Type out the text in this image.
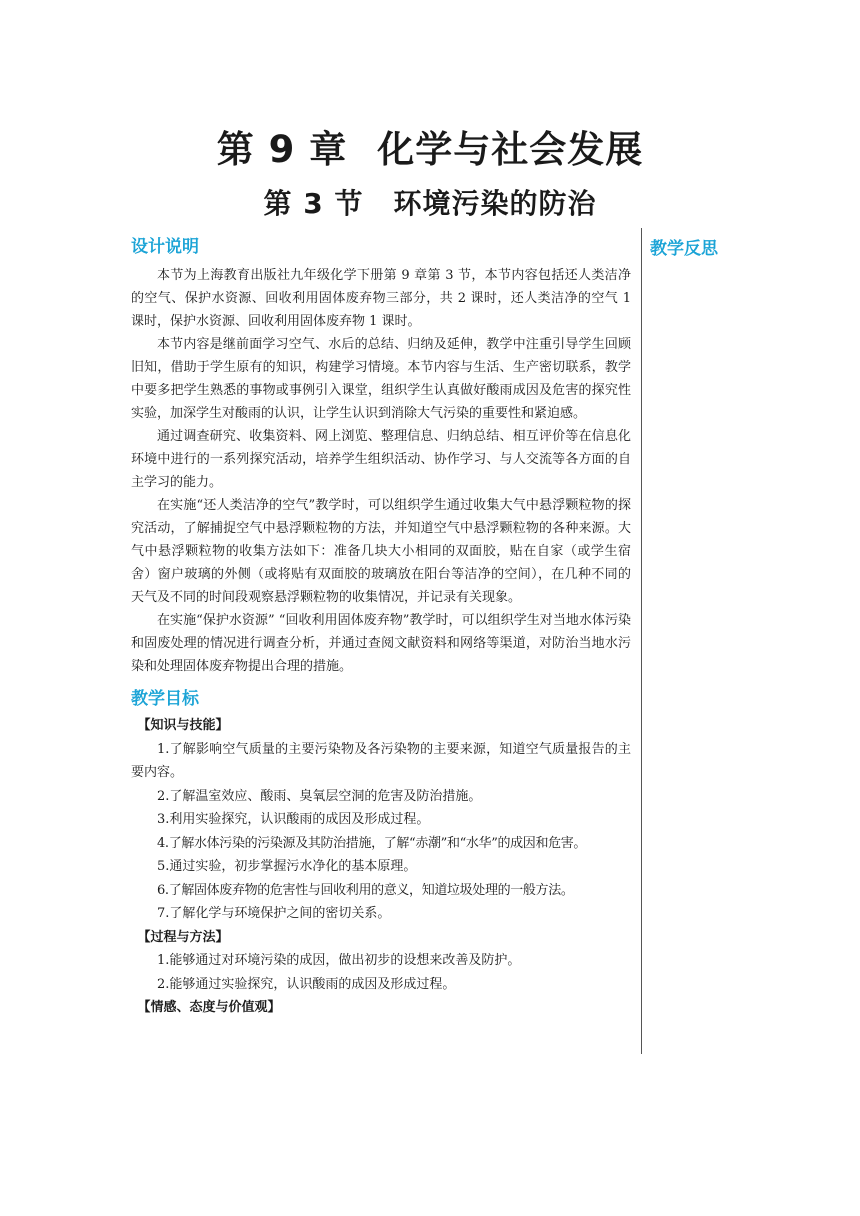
第 9 章 化学与社会发展
第 3 节 环境污染的防治
教学反思
设计说明

本节为上海教育出版社九年级化学下册第 9 章第 3 节，本节内容包括还人类洁净的空气、保护水资源、回收利用固体废弃物三部分，共 2 课时，还人类洁净的空气 1 课时，保护水资源、回收利用固体废弃物 1 课时。

本节内容是继前面学习空气、水后的总结、归纳及延伸，教学中注重引导学生回顾旧知，借助于学生原有的知识，构建学习情境。本节内容与生活、生产密切联系，教学中要多把学生熟悉的事物或事例引入课堂，组织学生认真做好酸雨成因及危害的探究性实验，加深学生对酸雨的认识，让学生认识到消除大气污染的重要性和紧迫感。

通过调查研究、收集资料、网上浏览、整理信息、归纳总结、相互评价等在信息化环境中进行的一系列探究活动，培养学生组织活动、协作学习、与人交流等各方面的自主学习的能力。

在实施“还人类洁净的空气”教学时，可以组织学生通过收集大气中悬浮颗粒物的探究活动，了解捕捉空气中悬浮颗粒物的方法，并知道空气中悬浮颗粒物的各种来源。大气中悬浮颗粒物的收集方法如下：准备几块大小相同的双面胶，贴在自家（或学生宿舍）窗户玻璃的外侧（或将贴有双面胶的玻璃放在阳台等洁净的空间），在几种不同的天气及不同的时间段观察悬浮颗粒物的收集情况，并记录有关现象。

在实施“保护水资源” “回收利用固体废弃物”教学时，可以组织学生对当地水体污染和固废处理的情况进行调查分析，并通过查阅文献资料和网络等渠道，对防治当地水污染和处理固体废弃物提出合理的措施。

教学目标

【知识与技能】

1.了解影响空气质量的主要污染物及各污染物的主要来源，知道空气质量报告的主要内容。

2.了解温室效应、酸雨、臭氧层空洞的危害及防治措施。

3.利用实验探究，认识酸雨的成因及形成过程。

4.了解水体污染的污染源及其防治措施，了解“赤潮”和“水华”的成因和危害。

5.通过实验，初步掌握污水净化的基本原理。

6.了解固体废弃物的危害性与回收利用的意义，知道垃圾处理的一般方法。

7.了解化学与环境保护之间的密切关系。

【过程与方法】

1.能够通过对环境污染的成因，做出初步的设想来改善及防护。

2.能够通过实验探究，认识酸雨的成因及形成过程。

【情感、态度与价值观】
